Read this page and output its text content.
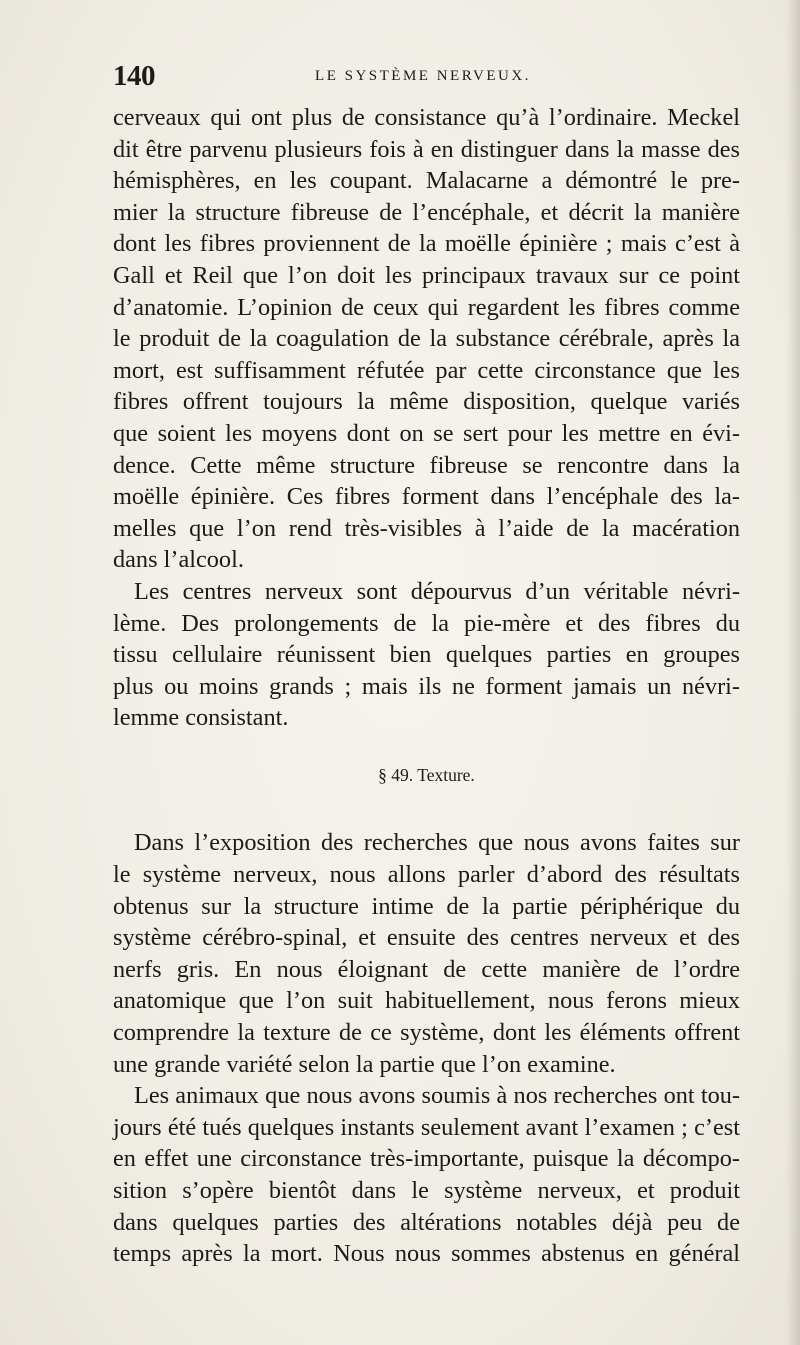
140	LE SYSTÈME NERVEUX.

cerveaux qui ont plus de consistance qu’à l’ordinaire. Meckel
dit être parvenu plusieurs fois à en distinguer dans la masse des
hémisphères, en les coupant. Malacarne a démontré le pre-
mier la structure fibreuse de l’encéphale, et décrit la manière
dont les fibres proviennent de la moëlle épinière ; mais c’est à
Gall et Reil que l’on doit les principaux travaux sur ce point
d’anatomie. L’opinion de ceux qui regardent les fibres comme
le produit de la coagulation de la substance cérébrale, après la
mort, est suffisamment réfutée par cette circonstance que les
fibres offrent toujours la même disposition, quelque variés
que soient les moyens dont on se sert pour les mettre en évi-
dence. Cette même structure fibreuse se rencontre dans la
moëlle épinière. Ces fibres forment dans l’encéphale des la-
melles que l’on rend très-visibles à l’aide de la macération
dans l’alcool.

Les centres nerveux sont dépourvus d’un véritable névri-
lème. Des prolongements de la pie-mère et des fibres du
tissu cellulaire réunissent bien quelques parties en groupes
plus ou moins grands ; mais ils ne forment jamais un névri-
lemme consistant.

§ 49. Texture.

Dans l’exposition des recherches que nous avons faites sur
le système nerveux, nous allons parler d’abord des résultats
obtenus sur la structure intime de la partie périphérique du
système cérébro-spinal, et ensuite des centres nerveux et des
nerfs gris. En nous éloignant de cette manière de l’ordre
anatomique que l’on suit habituellement, nous ferons mieux
comprendre la texture de ce système, dont les éléments offrent
une grande variété selon la partie que l’on examine.

Les animaux que nous avons soumis à nos recherches ont tou-
jours été tués quelques instants seulement avant l’examen ; c’est
en effet une circonstance très-importante, puisque la décompo-
sition s’opère bientôt dans le système nerveux, et produit
dans quelques parties des altérations notables déjà peu de
temps après la mort. Nous nous sommes abstenus en général
